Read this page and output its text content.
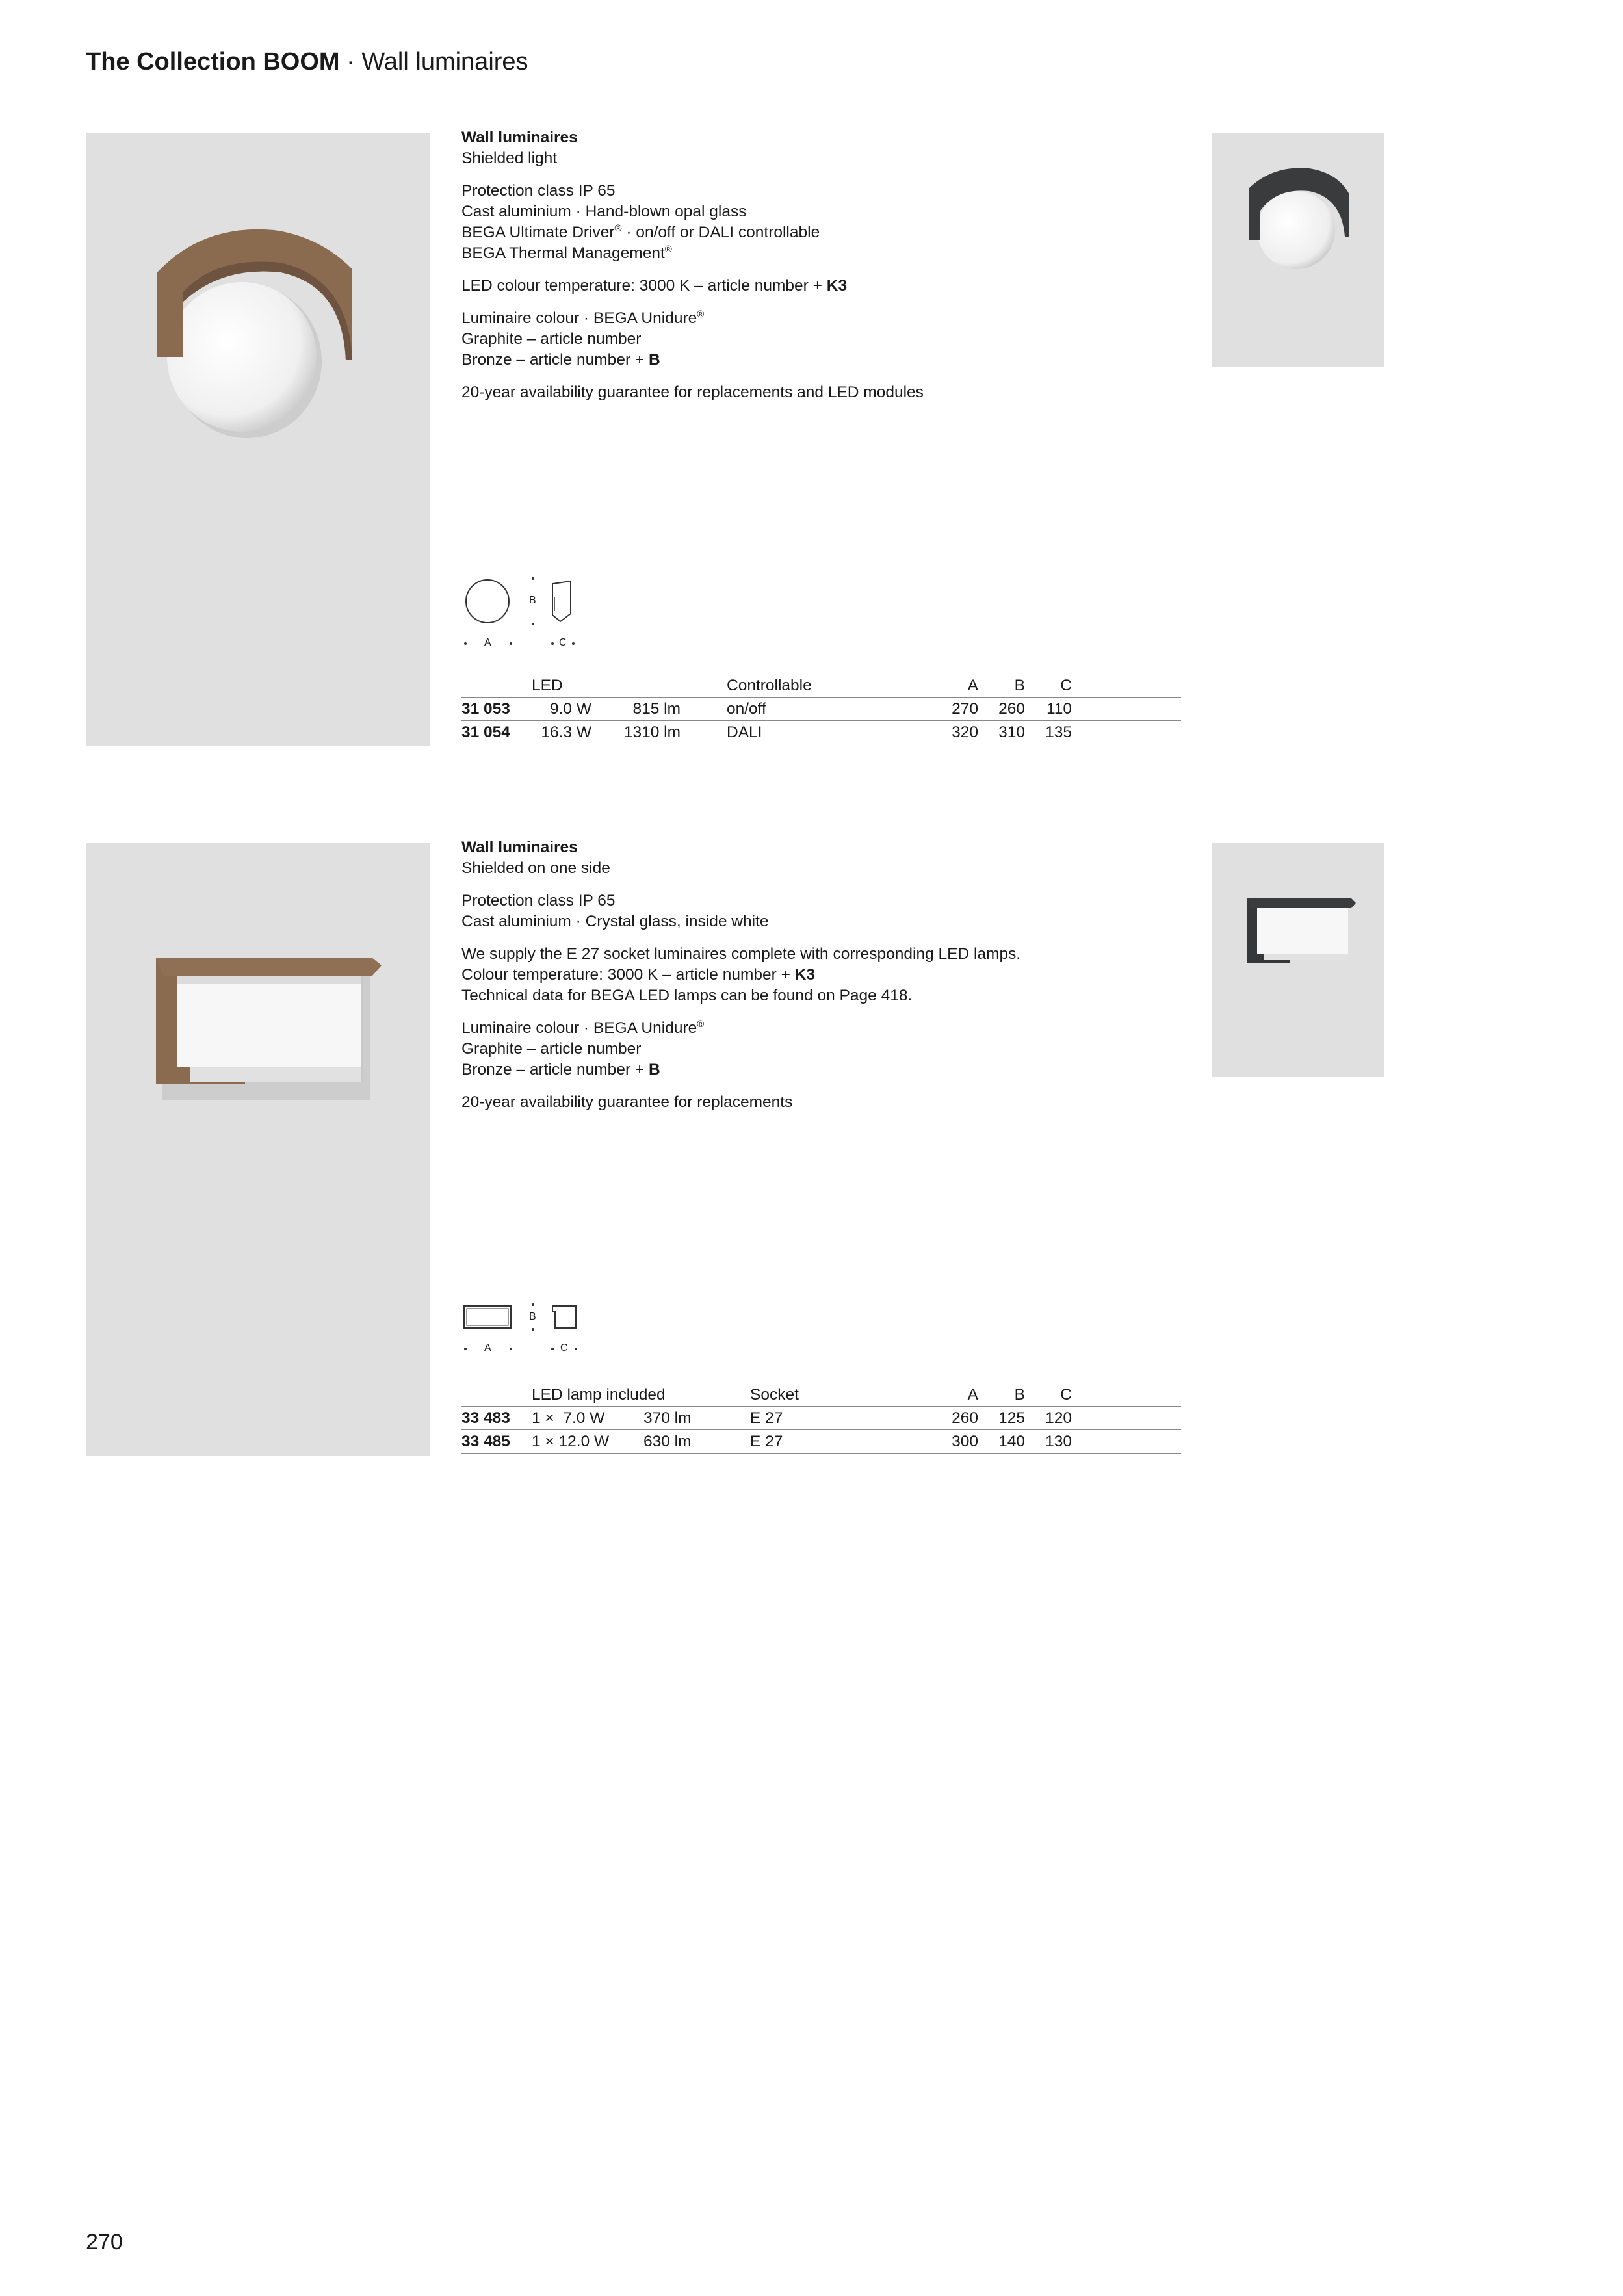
The Collection BOOM · Wall luminaires

Wall luminaires
Shielded light

Protection class IP 65
Cast aluminium · Hand-blown opal glass
BEGA Ultimate Driver® · on/off or DALI controllable
BEGA Thermal Management®

LED colour temperature: 3000 K – article number + K3

Luminaire colour · BEGA Unidure®
Graphite – article number
Bronze – article number + B

20-year availability guarantee for replacements and LED modules

B
A	C
LED	Controllable	A B C
31 053 9.0 W	815 lm	on/off	270 260 110
31 054 16.3 W 1310 lm	DALI	320 310 135

Wall luminaires
Shielded on one side

Protection class IP 65
Cast aluminium · Crystal glass, inside white

We supply the E 27 socket luminaires complete with corresponding LED lamps.
Colour temperature: 3000 K – article number + K3
Technical data for BEGA LED lamps can be found on Page 418.

Luminaire colour · BEGA Unidure®
Graphite – article number
Bronze – article number + B

20-year availability guarantee for replacements

B
A	C
LED lamp included	Socket	A B C
33 483 1 ×  7.0 W 370 lm	E 27	260 125 120
33 485 1 × 12.0 W 630 lm	E 27	300 140 130
270
